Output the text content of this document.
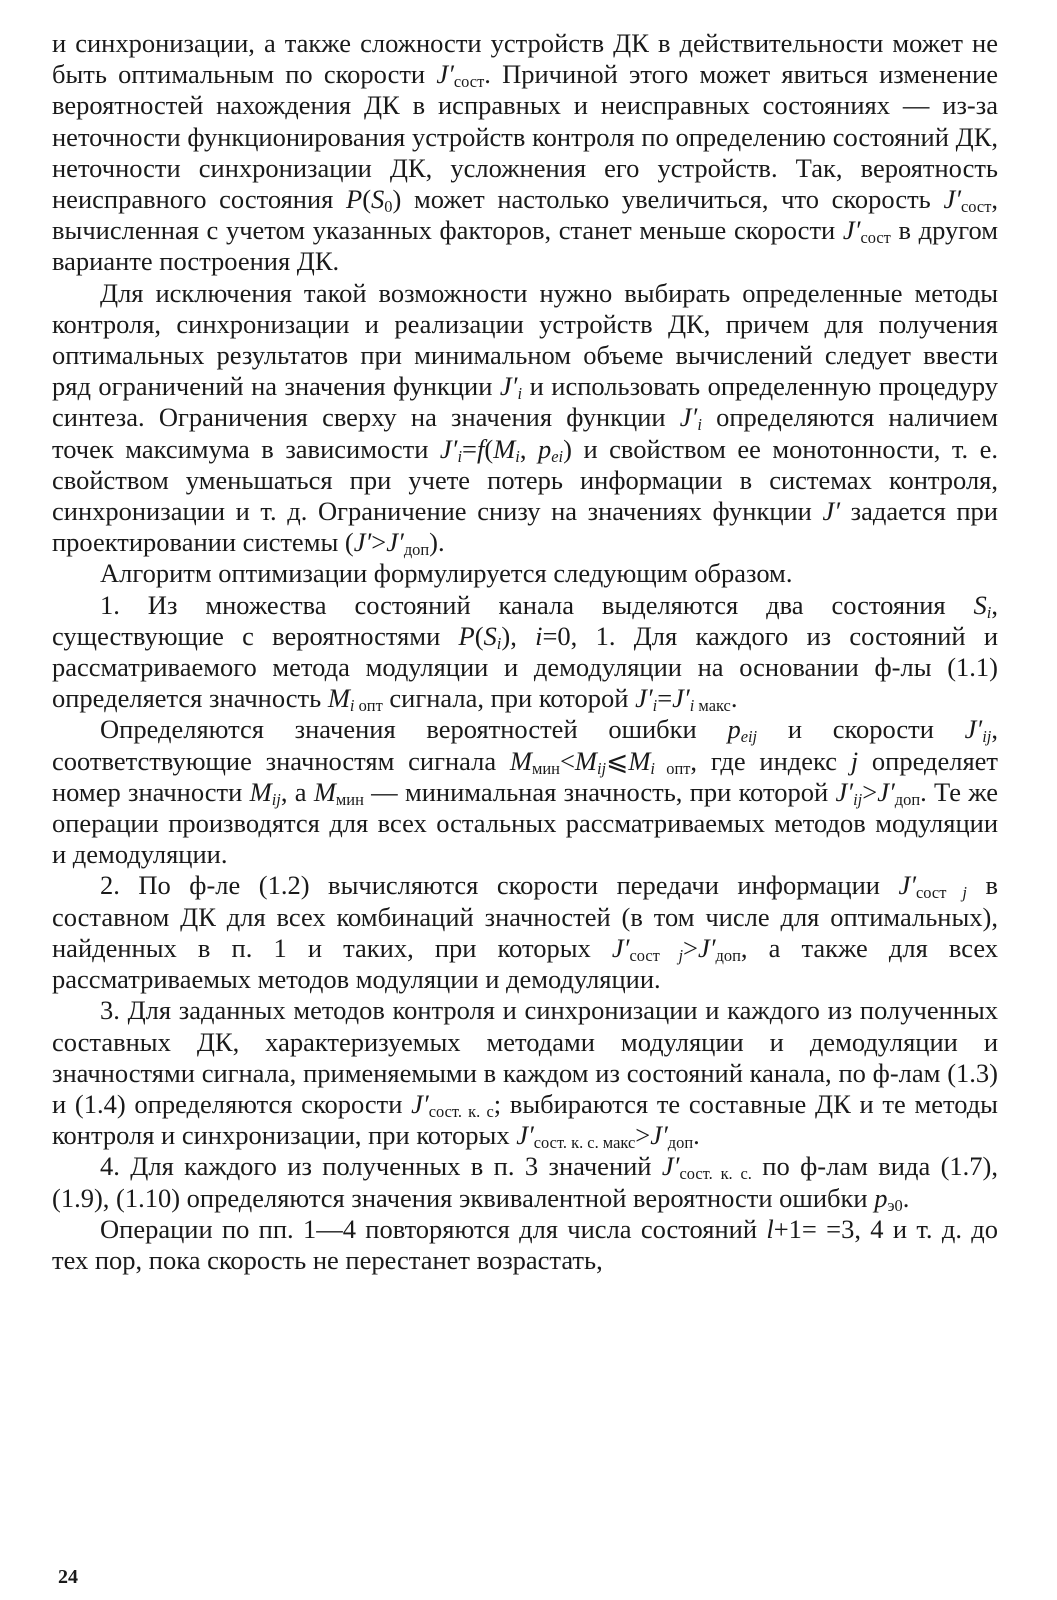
и синхронизации, а также сложности устройств ДК в действительности может не быть оптимальным по скорости $J'_{сост}$. Причиной этого может явиться изменение вероятностей нахождения ДК в исправных и неисправных состояниях — из-за неточности функционирования устройств контроля по определению состояний ДК, неточности синхронизации ДК, усложнения его устройств. Так, вероятность неисправного состояния $P(S_0)$ может настолько увеличиться, что скорость $J'_{сост}$, вычисленная с учетом указанных факторов, станет меньше скорости $J'_{сост}$ в другом варианте построения ДК.

Для исключения такой возможности нужно выбирать определенные методы контроля, синхронизации и реализации устройств ДК, причем для получения оптимальных результатов при минимальном объеме вычислений следует ввести ряд ограничений на значения функции $J'_i$ и использовать определенную процедуру синтеза. Ограничения сверху на значения функции $J'_i$ определяются наличием точек максимума в зависимости $J'_i=f(M_i$, $p_{ei}$) и свойством ее монотонности, т. е. свойством уменьшаться при учете потерь информации в системах контроля, синхронизации и т. д. Ограничение снизу на значениях функции J′ задается при проектировании системы $(J'>J'_{доп})$.

Алгоритм оптимизации формулируется следующим образом.

1. Из множества состояний канала выделяются два состояния $S_i$, существующие с вероятностями $P(S_i)$, i=0, 1. Для каждого из состояний и рассматриваемого метода модуляции и демодуляции на основании ф-лы (1.1) определяется значность $M_{i опт}$ сигнала, при которой $J'_i=J'_{i макс}$.

Определяются значения вероятностей ошибки $p_{eij}$ и скорости $J'_{ij}$, соответствующие значностям сигнала $M_{мин}<M_{ij}⩽M_{i опт}$, где индекс j определяет номер значности $M_{ij}$, а $M_{мин}$ — минимальная значность, при которой $J'_{ij}>J'_{доп}$. Те же операции производятся для всех остальных рассматриваемых методов модуляции и демодуляции.

2. По ф-ле (1.2) вычисляются скорости передачи информации $J'_{сост j}$ в составном ДК для всех комбинаций значностей (в том числе для оптимальных), найденных в п. 1 и таких, при которых $J'_{сост j}>J'_{доп}$, а также для всех рассматриваемых методов модуляции и демодуляции.

3. Для заданных методов контроля и синхронизации и каждого из полученных составных ДК, характеризуемых методами модуляции и демодуляции и значностями сигнала, применяемыми в каждом из состояний канала, по ф-лам (1.3) и (1.4) определяются скорости $J'_{сост. к. с}$; выбираются те составные ДК и те методы контроля и синхронизации, при которых $J'_{сост. к. с. макс}>J'_{доп}$.

4. Для каждого из полученных в п. 3 значений $J'_{сост. к. с.}$ по ф-лам вида (1.7), (1.9), (1.10) определяются значения эквивалентной вероятности ошибки $p_{э0}$.

Операции по пп. 1—4 повторяются для числа состояний l+1= =3, 4 и т. д. до тех пор, пока скорость не перестанет возрастать,

24
